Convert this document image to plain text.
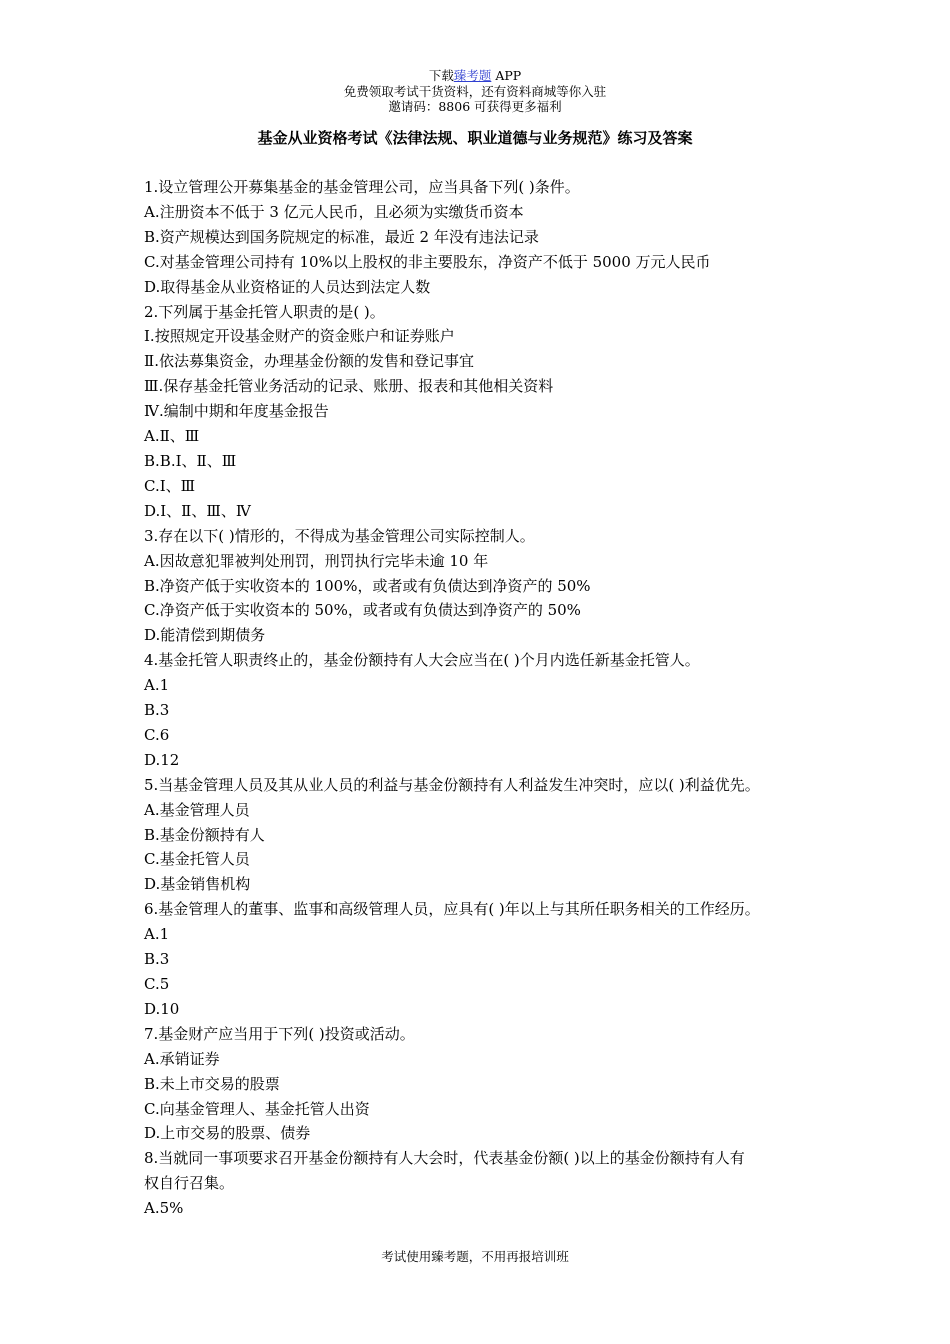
下载臻考题 APP
免费领取考试干货资料，还有资料商城等你入驻
邀请码：8806 可获得更多福利
基金从业资格考试《法律法规、职业道德与业务规范》练习及答案
1.设立管理公开募集基金的基金管理公司，应当具备下列( )条件。
A.注册资本不低于 3 亿元人民币，且必须为实缴货币资本
B.资产规模达到国务院规定的标准，最近 2 年没有违法记录
C.对基金管理公司持有 10%以上股权的非主要股东，净资产不低于 5000 万元人民币
D.取得基金从业资格证的人员达到法定人数
2.下列属于基金托管人职责的是( )。
I.按照规定开设基金财产的资金账户和证券账户
Ⅱ.依法募集资金，办理基金份额的发售和登记事宜
Ⅲ.保存基金托管业务活动的记录、账册、报表和其他相关资料
Ⅳ.编制中期和年度基金报告
A.Ⅱ、Ⅲ
B.B.I、Ⅱ、Ⅲ
C.I、Ⅲ
D.I、Ⅱ、Ⅲ、Ⅳ
3.存在以下( )情形的，不得成为基金管理公司实际控制人。
A.因故意犯罪被判处刑罚，刑罚执行完毕未逾 10 年
B.净资产低于实收资本的 100%，或者或有负债达到净资产的 50%
C.净资产低于实收资本的 50%，或者或有负债达到净资产的 50%
D.能清偿到期债务
4.基金托管人职责终止的，基金份额持有人大会应当在( )个月内选任新基金托管人。
A.1
B.3
C.6
D.12
5.当基金管理人员及其从业人员的利益与基金份额持有人利益发生冲突时，应以( )利益优先。
A.基金管理人员
B.基金份额持有人
C.基金托管人员
D.基金销售机构
6.基金管理人的董事、监事和高级管理人员，应具有( )年以上与其所任职务相关的工作经历。
A.1
B.3
C.5
D.10
7.基金财产应当用于下列( )投资或活动。
A.承销证券
B.未上市交易的股票
C.向基金管理人、基金托管人出资
D.上市交易的股票、债券
8.当就同一事项要求召开基金份额持有人大会时，代表基金份额( )以上的基金份额持有人有
权自行召集。
A.5%
考试使用臻考题，不用再报培训班
